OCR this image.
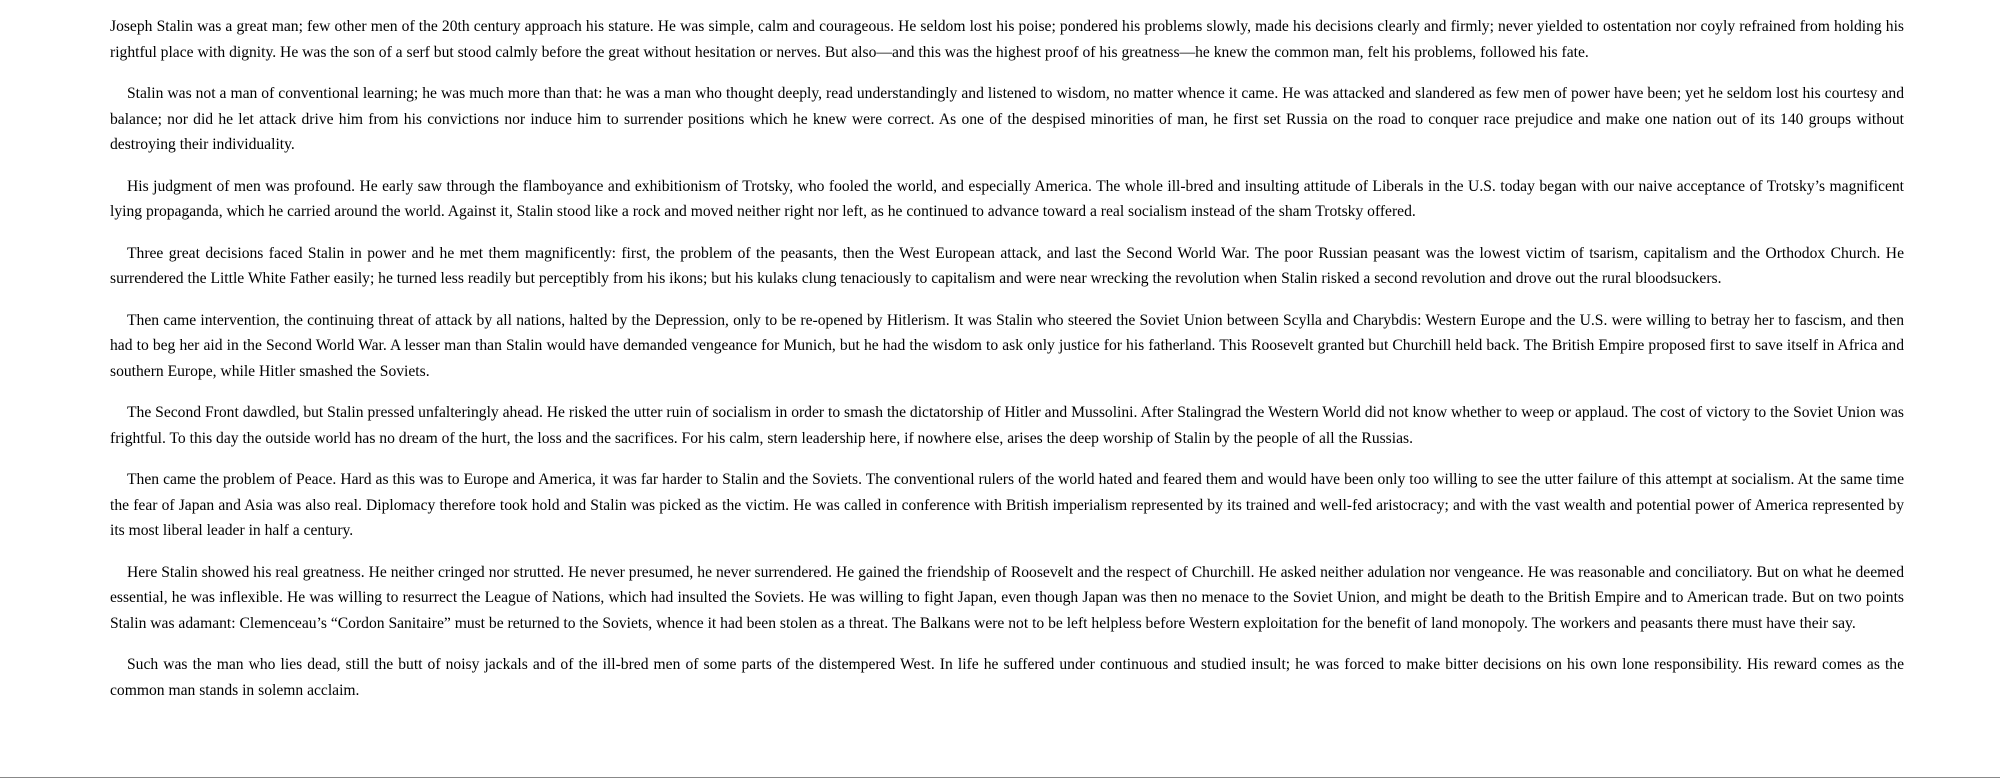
Joseph Stalin was a great man; few other men of the 20th century approach his stature. He was simple, calm and courageous. He seldom lost his poise; pondered his problems slowly, made his decisions clearly and firmly; never yielded to ostentation nor coyly refrained from holding his rightful place with dignity. He was the son of a serf but stood calmly before the great without hesitation or nerves. But also—and this was the highest proof of his greatness—he knew the common man, felt his problems, followed his fate.

Stalin was not a man of conventional learning; he was much more than that: he was a man who thought deeply, read understandingly and listened to wisdom, no matter whence it came. He was attacked and slandered as few men of power have been; yet he seldom lost his courtesy and balance; nor did he let attack drive him from his convictions nor induce him to surrender positions which he knew were correct. As one of the despised minorities of man, he first set Russia on the road to conquer race prejudice and make one nation out of its 140 groups without destroying their individuality.

His judgment of men was profound. He early saw through the flamboyance and exhibitionism of Trotsky, who fooled the world, and especially America. The whole ill-bred and insulting attitude of Liberals in the U.S. today began with our naive acceptance of Trotsky’s magnificent lying propaganda, which he carried around the world. Against it, Stalin stood like a rock and moved neither right nor left, as he continued to advance toward a real socialism instead of the sham Trotsky offered.

Three great decisions faced Stalin in power and he met them magnificently: first, the problem of the peasants, then the West European attack, and last the Second World War. The poor Russian peasant was the lowest victim of tsarism, capitalism and the Orthodox Church. He surrendered the Little White Father easily; he turned less readily but perceptibly from his ikons; but his kulaks clung tenaciously to capitalism and were near wrecking the revolution when Stalin risked a second revolution and drove out the rural bloodsuckers.

Then came intervention, the continuing threat of attack by all nations, halted by the Depression, only to be re-opened by Hitlerism. It was Stalin who steered the Soviet Union between Scylla and Charybdis: Western Europe and the U.S. were willing to betray her to fascism, and then had to beg her aid in the Second World War. A lesser man than Stalin would have demanded vengeance for Munich, but he had the wisdom to ask only justice for his fatherland. This Roosevelt granted but Churchill held back. The British Empire proposed first to save itself in Africa and southern Europe, while Hitler smashed the Soviets.

The Second Front dawdled, but Stalin pressed unfalteringly ahead. He risked the utter ruin of socialism in order to smash the dictatorship of Hitler and Mussolini. After Stalingrad the Western World did not know whether to weep or applaud. The cost of victory to the Soviet Union was frightful. To this day the outside world has no dream of the hurt, the loss and the sacrifices. For his calm, stern leadership here, if nowhere else, arises the deep worship of Stalin by the people of all the Russias.

Then came the problem of Peace. Hard as this was to Europe and America, it was far harder to Stalin and the Soviets. The conventional rulers of the world hated and feared them and would have been only too willing to see the utter failure of this attempt at socialism. At the same time the fear of Japan and Asia was also real. Diplomacy therefore took hold and Stalin was picked as the victim. He was called in conference with British imperialism represented by its trained and well-fed aristocracy; and with the vast wealth and potential power of America represented by its most liberal leader in half a century.

Here Stalin showed his real greatness. He neither cringed nor strutted. He never presumed, he never surrendered. He gained the friendship of Roosevelt and the respect of Churchill. He asked neither adulation nor vengeance. He was reasonable and conciliatory. But on what he deemed essential, he was inflexible. He was willing to resurrect the League of Nations, which had insulted the Soviets. He was willing to fight Japan, even though Japan was then no menace to the Soviet Union, and might be death to the British Empire and to American trade. But on two points Stalin was adamant: Clemenceau’s “Cordon Sanitaire” must be returned to the Soviets, whence it had been stolen as a threat. The Balkans were not to be left helpless before Western exploitation for the benefit of land monopoly. The workers and peasants there must have their say.

Such was the man who lies dead, still the butt of noisy jackals and of the ill-bred men of some parts of the distempered West. In life he suffered under continuous and studied insult; he was forced to make bitter decisions on his own lone responsibility. His reward comes as the common man stands in solemn acclaim.
